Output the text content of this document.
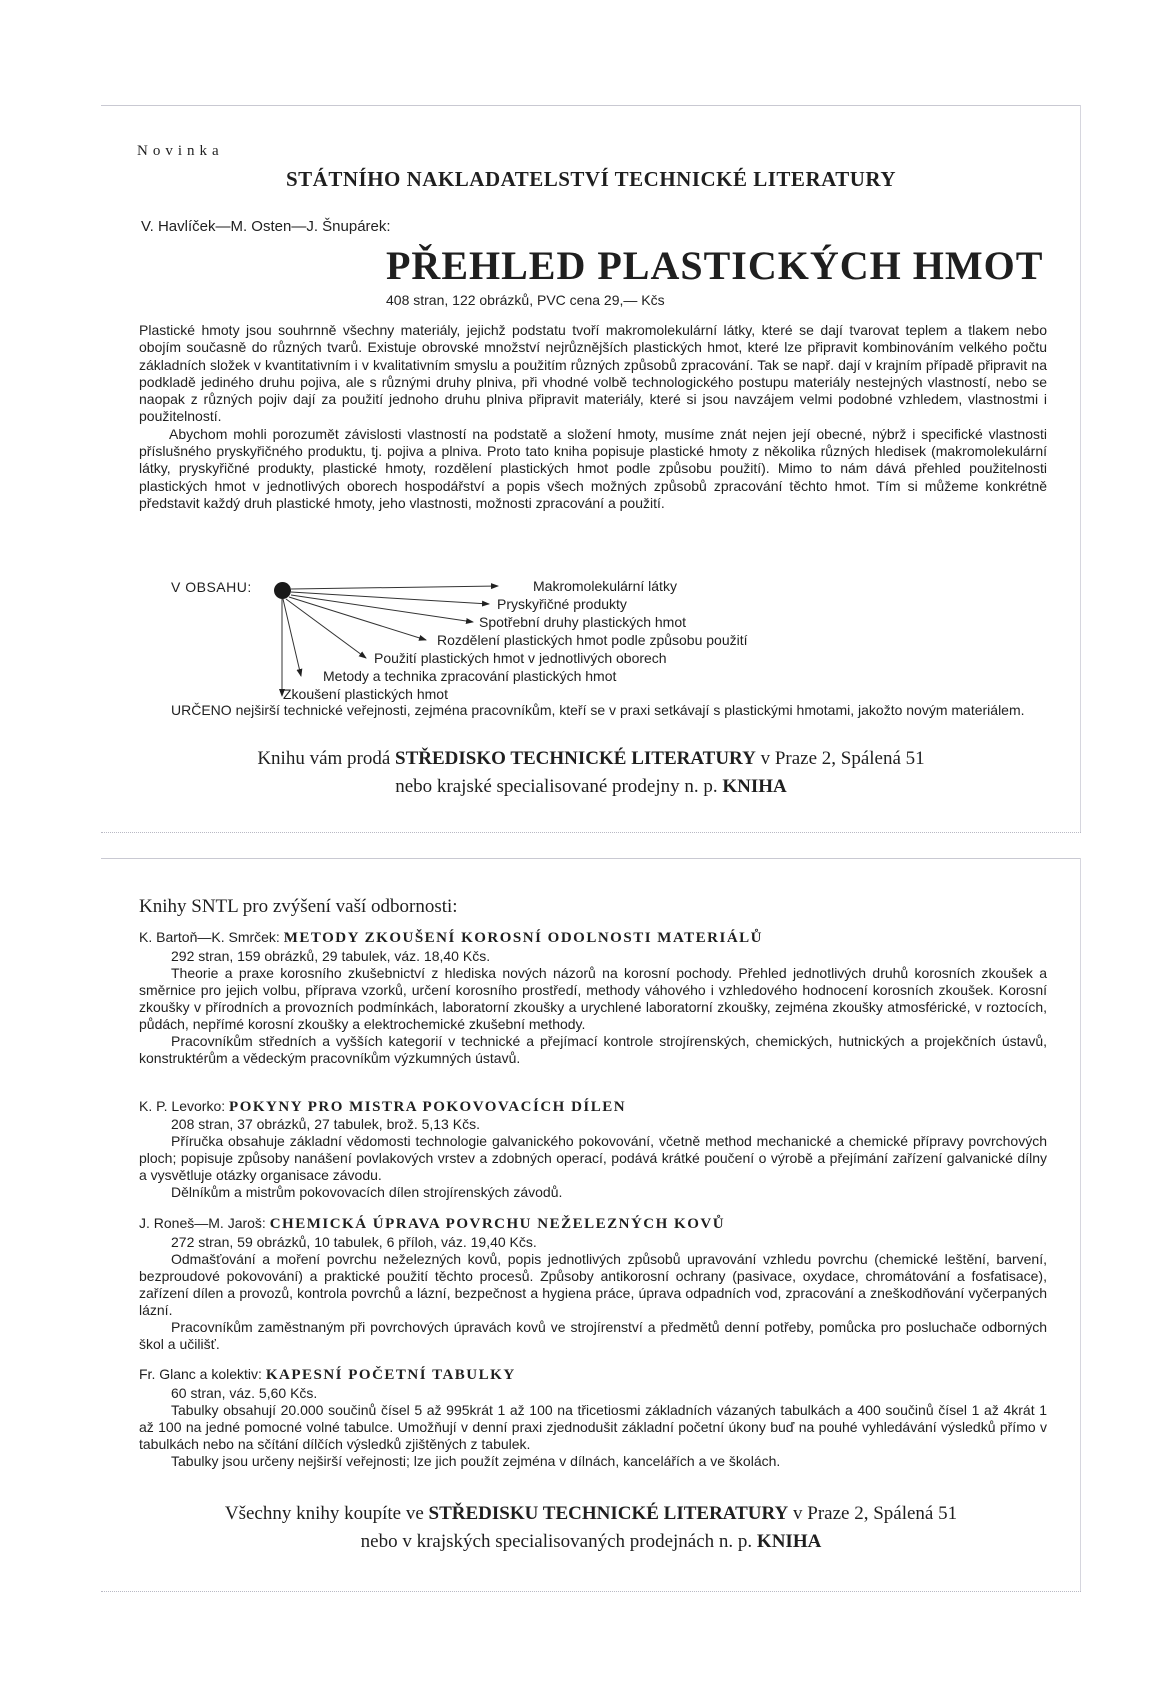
Novinka
STÁTNÍHO NAKLADATELSTVÍ TECHNICKÉ LITERATURY
V. Havlíček—M. Osten—J. Šnupárek:
PŘEHLED PLASTICKÝCH HMOT
408 stran, 122 obrázků, PVC cena 29,— Kčs

Plastické hmoty jsou souhrnně všechny materiály, jejichž podstatu tvoří makromolekulární látky, které se dají tvarovat teplem a tlakem nebo obojím současně do různých tvarů. Existuje obrovské množství nejrůznějších plastických hmot, které lze připravit kombinováním velkého počtu základních složek v kvantitativním i v kvalitativním smyslu a použitím různých způsobů zpracování. Tak se např. dají v krajním případě připravit na podkladě jediného druhu pojiva, ale s různými druhy plniva, při vhodné volbě technologického postupu materiály nestejných vlastností, nebo se naopak z různých pojiv dají za použití jednoho druhu plniva připravit materiály, které si jsou navzájem velmi podobné vzhledem, vlastnostmi i použitelností.

Abychom mohli porozumět závislosti vlastností na podstatě a složení hmoty, musíme znát nejen její obecné, nýbrž i specifické vlastnosti příslušného pryskyřičného produktu, tj. pojiva a plniva. Proto tato kniha popisuje plastické hmoty z několika různých hledisek (makromolekulární látky, pryskyřičné produkty, plastické hmoty, rozdělení plastických hmot podle způsobu použití). Mimo to nám dává přehled použitelnosti plastických hmot v jednotlivých oborech hospodářství a popis všech možných způsobů zpracování těchto hmot. Tím si můžeme konkrétně představit každý druh plastické hmoty, jeho vlastnosti, možnosti zpracování a použití.

V OBSAHU:	Makromolekulární látky
Pryskyřičné produkty
Spotřební druhy plastických hmot
Rozdělení plastických hmot podle způsobu použití
Použití plastických hmot v jednotlivých oborech
Metody a technika zpracování plastických hmot
Zkoušení plastických hmot
URČENO nejširší technické veřejnosti, zejména pracovníkům, kteří se v praxi setkávají s plastickými hmotami, jakožto novým materiálem.
Knihu vám prodá STŘEDISKO TECHNICKÉ LITERATURY v Praze 2, Spálená 51
nebo krajské specialisované prodejny n. p. KNIHA
Knihy SNTL pro zvýšení vaší odbornosti:
K. Bartoň—K. Smrček: METODY ZKOUŠENÍ KOROSNÍ ODOLNOSTI MATERIÁLŮ
292 stran, 159 obrázků, 29 tabulek, váz. 18,40 Kčs.

Theorie a praxe korosního zkušebnictví z hlediska nových názorů na korosní pochody. Přehled jednotlivých druhů korosních zkoušek a směrnice pro jejich volbu, příprava vzorků, určení korosního prostředí, methody váhového i vzhledového hodnocení korosních zkoušek. Korosní zkoušky v přírodních a provozních podmínkách, laboratorní zkoušky a urychlené laboratorní zkoušky, zejména zkoušky atmosférické, v roztocích, půdách, nepřímé korosní zkoušky a elektrochemické zkušební methody.

Pracovníkům středních a vyšších kategorií v technické a přejímací kontrole strojírenských, chemických, hutnických a projekčních ústavů, konstruktérům a vědeckým pracovníkům výzkumných ústavů.

K. P. Levorko: POKYNY PRO MISTRA POKOVOVACÍCH DÍLEN
208 stran, 37 obrázků, 27 tabulek, brož. 5,13 Kčs.

Příručka obsahuje základní vědomosti technologie galvanického pokovování, včetně method mechanické a chemické přípravy povrchových ploch; popisuje způsoby nanášení povlakových vrstev a zdobných operací, podává krátké poučení o výrobě a přejímání zařízení galvanické dílny a vysvětluje otázky organisace závodu.

Dělníkům a mistrům pokovovacích dílen strojírenských závodů.

J. Roneš—M. Jaroš: CHEMICKÁ ÚPRAVA POVRCHU NEŽELEZNÝCH KOVŮ
272 stran, 59 obrázků, 10 tabulek, 6 příloh, váz. 19,40 Kčs.

Odmašťování a moření povrchu neželezných kovů, popis jednotlivých způsobů upravování vzhledu povrchu (chemické leštění, barvení, bezproudové pokovování) a praktické použití těchto procesů. Způsoby antikorosní ochrany (pasivace, oxydace, chromátování a fosfatisace), zařízení dílen a provozů, kontrola povrchů a lázní, bezpečnost a hygiena práce, úprava odpadních vod, zpracování a zneškodňování vyčerpaných lázní.

Pracovníkům zaměstnaným při povrchových úpravách kovů ve strojírenství a předmětů denní potřeby, pomůcka pro posluchače odborných škol a učilišť.

Fr. Glanc a kolektiv: KAPESNÍ POČETNÍ TABULKY
60 stran, váz. 5,60 Kčs.

Tabulky obsahují 20.000 součinů čísel 5 až 995krát 1 až 100 na třicetiosmi základních vázaných tabulkách a 400 součinů čísel 1 až 4krát 1 až 100 na jedné pomocné volné tabulce. Umožňují v denní praxi zjednodušit základní početní úkony buď na pouhé vyhledávání výsledků přímo v tabulkách nebo na sčítání dílčích výsledků zjištěných z tabulek.

Tabulky jsou určeny nejširší veřejnosti; lze jich použít zejména v dílnách, kancelářích a ve školách.

Všechny knihy koupíte ve STŘEDISKU TECHNICKÉ LITERATURY v Praze 2, Spálená 51
nebo v krajských specialisovaných prodejnách n. p. KNIHA
